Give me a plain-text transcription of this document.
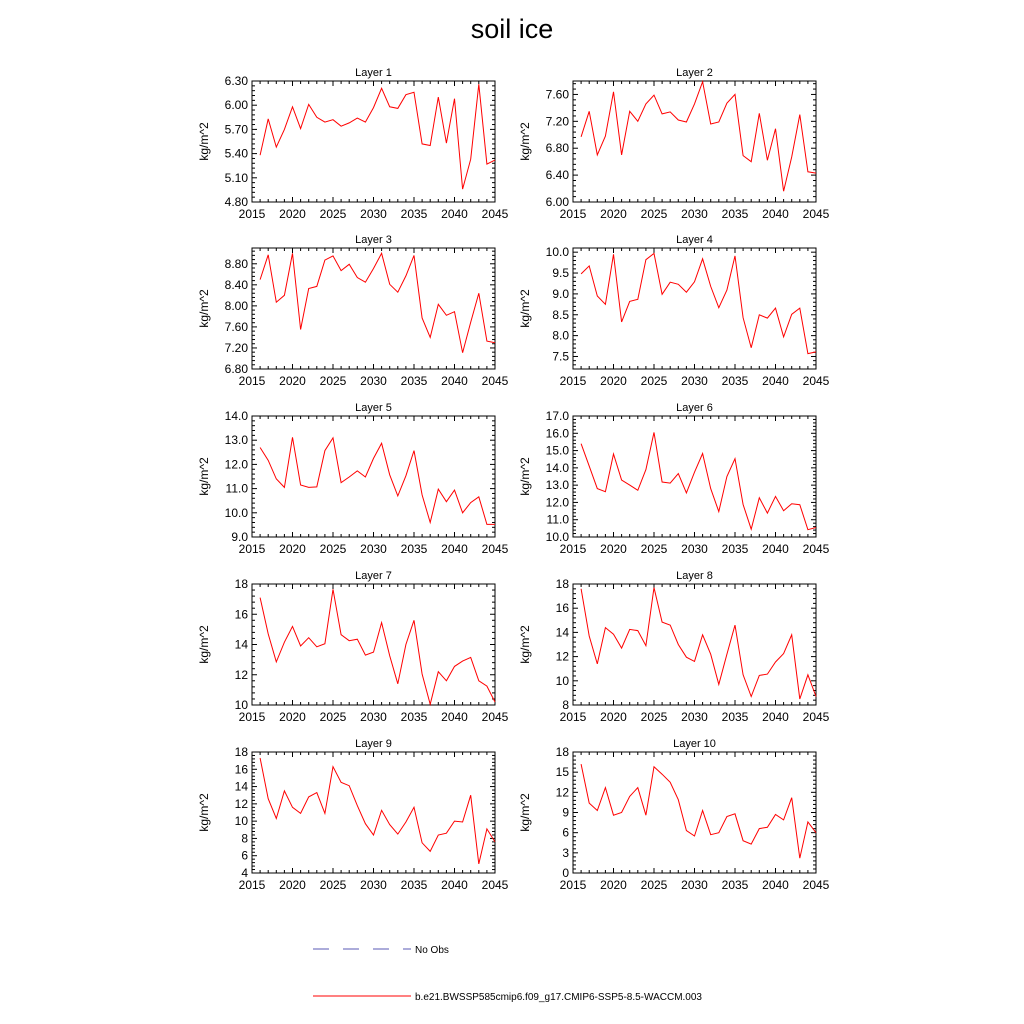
soil ice
2015 2020 2025 2030 2035 2040 2045
4.80
5.10
5.40
5.70
6.00
6.30
Layer 1
kg/m^2
2015 2020 2025 2030 2035 2040 2045
6.00
6.40
6.80
7.20
7.60
Layer 2
kg/m^2
2015 2020 2025 2030 2035 2040 2045
6.80
7.20
7.60
8.00
8.40
8.80
Layer 3
kg/m^2
2015 2020 2025 2030 2035 2040 2045
7.5
8.0
8.5
9.0
9.5
10.0
Layer 4
kg/m^2
2015 2020 2025 2030 2035 2040 2045
9.0
10.0
11.0
12.0
13.0
14.0
Layer 5
kg/m^2
2015 2020 2025 2030 2035 2040 2045
10.0
11.0
12.0
13.0
14.0
15.0
16.0
17.0
Layer 6
kg/m^2
2015 2020 2025 2030 2035 2040 2045
10
12
14
16
18
Layer 7
kg/m^2
2015 2020 2025 2030 2035 2040 2045
8
10
12
14
16
18
Layer 8
kg/m^2
2015 2020 2025 2030 2035 2040 2045
4
6
8
10
12
14
16
18
Layer 9
kg/m^2
2015 2020 2025 2030 2035 2040 2045
0
3
6
9
12
15
18
Layer 10
kg/m^2
No Obs
b.e21.BWSSP585cmip6.f09_g17.CMIP6-SSP5-8.5-WACCM.003
